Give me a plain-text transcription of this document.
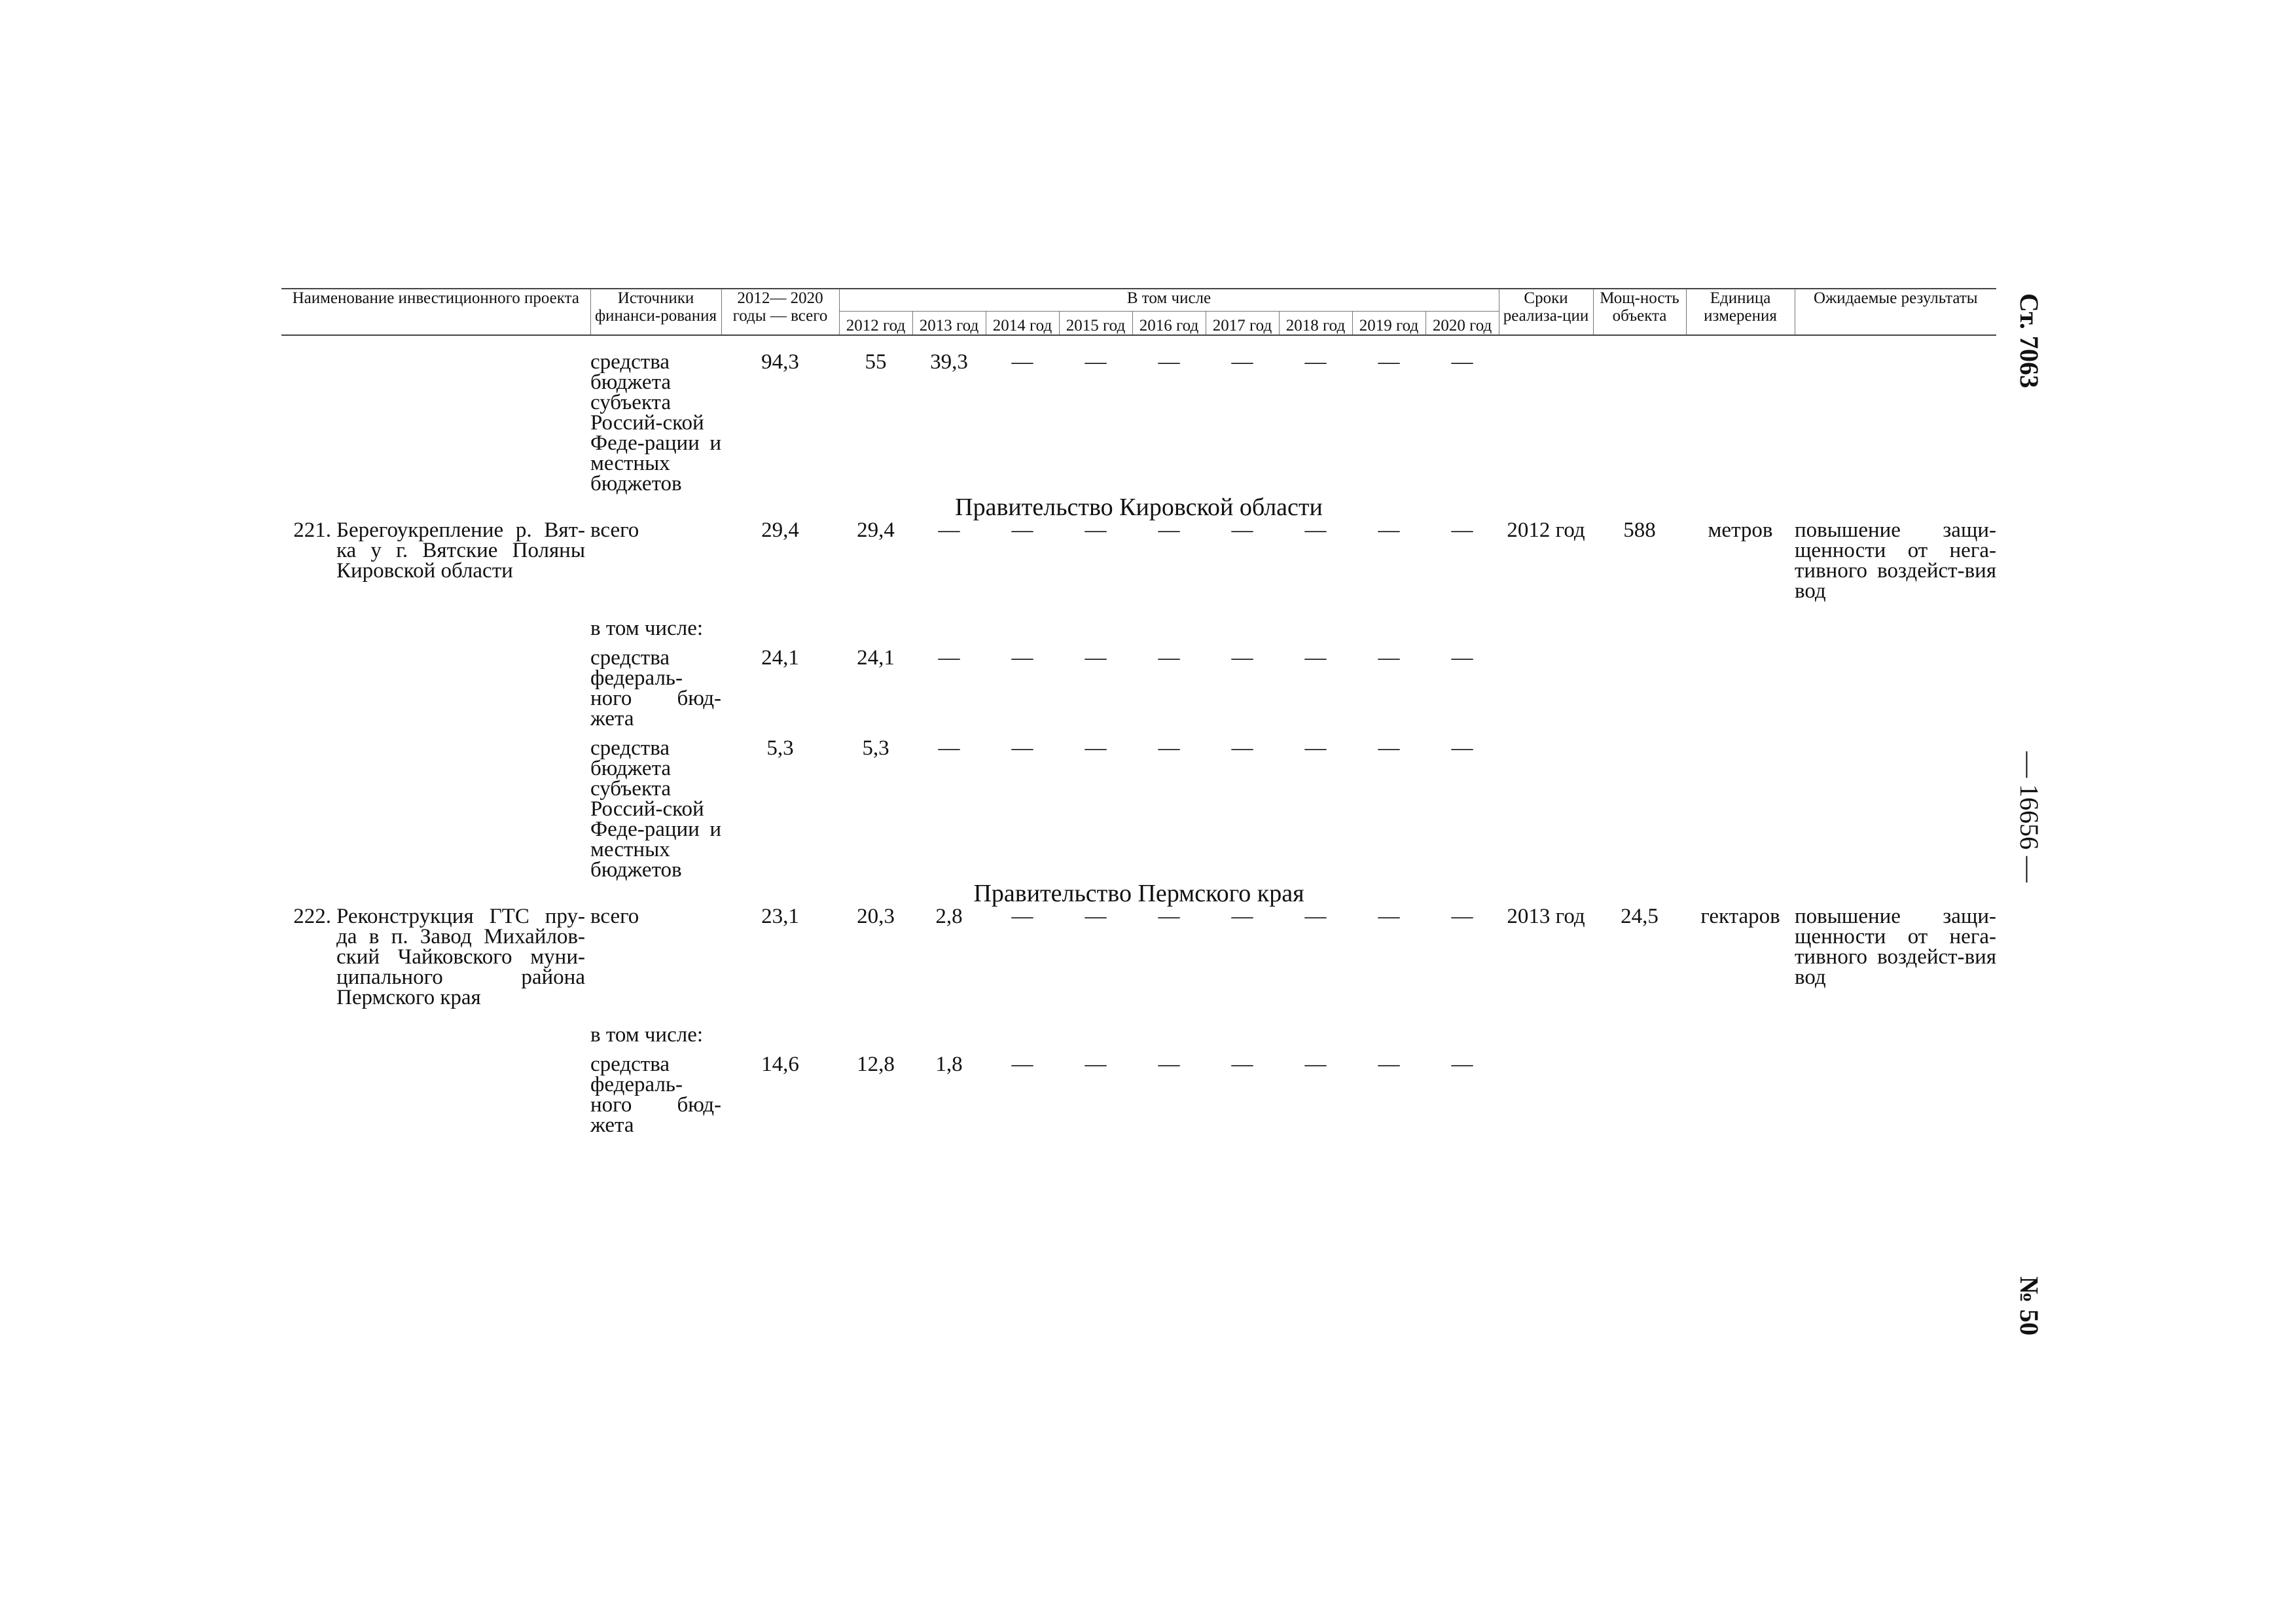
Наименование инвестиционного проекта	Источники финанси-рования	2012— 2020 годы — всего	В том числе									Сроки реализа-ции	Мощ-ность объекта	Единица измерения	Ожидаемые результаты
			2012 год	2013 год	2014 год	2015 год	2016 год	2017 год	2018 год	2019 год	2020 год				

	средства бюджета субъекта Россий-ской Феде-рации и местных бюджетов	94,3	55	39,3	—	—	—	—	—	—	—				
Правительство Кировской области															
221. Берегоукрепление р. Вят-ка у г. Вятские Поляны Кировской области	всего	29,4	29,4	—	—	—	—	—	—	—	—	2012 год	588	метров	повышение защи-щенности от нега-тивного воздейст-вия вод

	в том числе:														

	средства федераль-ного бюд-жета	24,1	24,1	—	—	—	—	—	—	—	—				

	средства бюджета субъекта Россий-ской Феде-рации и местных бюджетов	5,3	5,3	—	—	—	—	—	—	—	—				
Правительство Пермского края															
222. Реконструкция ГТС пру-да в п. Завод Михайлов-ский Чайковского муни-ципального района Пермского края	всего	23,1	20,3	2,8	—	—	—	—	—	—	—	2013 год	24,5	гектаров	повышение защи-щенности от нега-тивного воздейст-вия вод

	в том числе:														

	средства федераль-ного бюд-жета	14,6	12,8	1,8	—	—	—	—	—	—	—				
Ст. 7063
— 16656 —
№ 50
